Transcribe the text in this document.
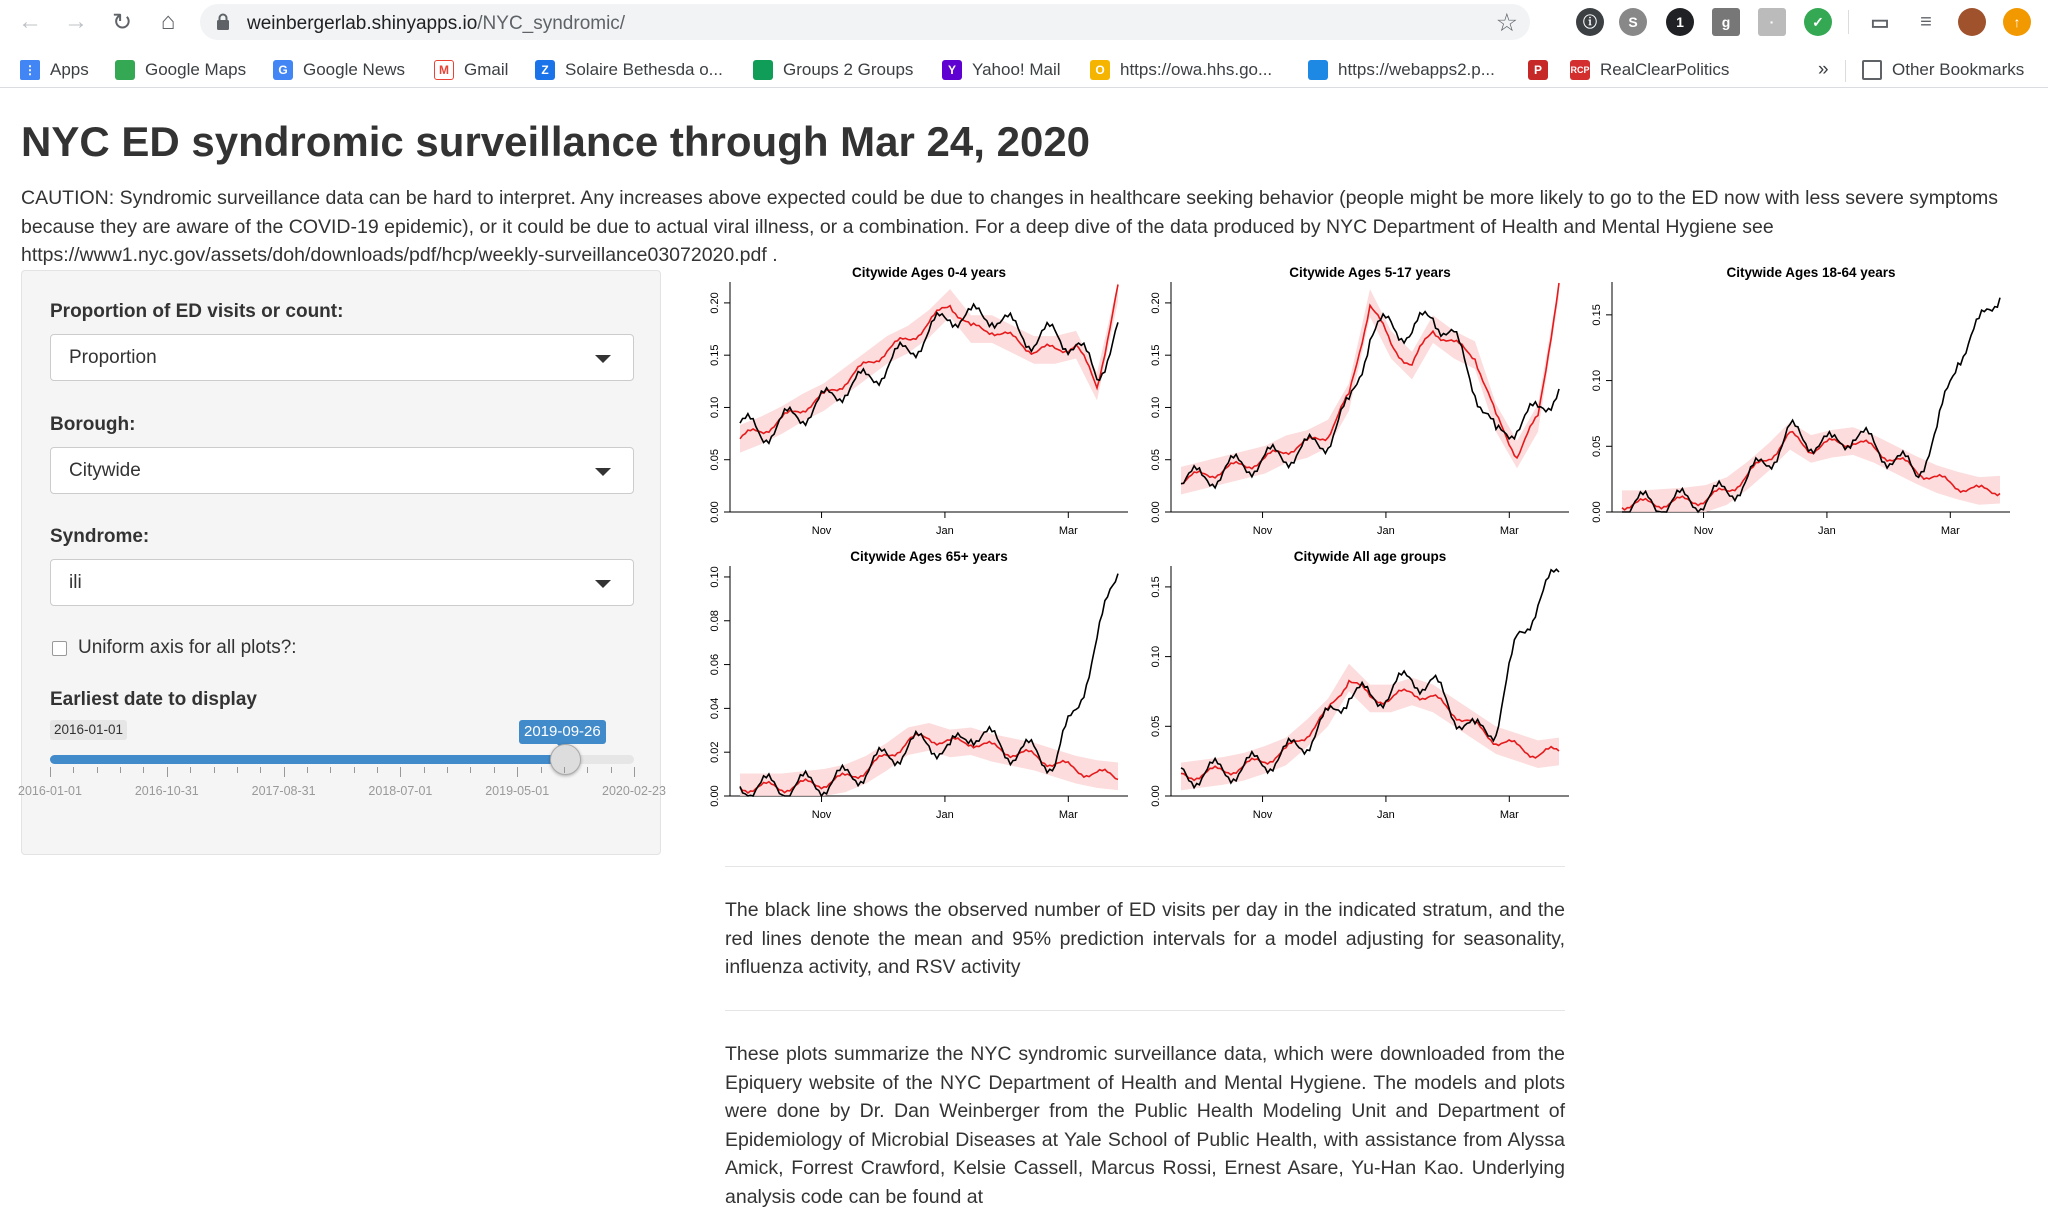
← → ↻	⌂	weinbergerlab.shinyapps.io/NYC_syndromic/	☆	ⓘ	S	1	g	·	✓	▭	≡	↑
⋮ Apps	Google Maps	G Google News	M Gmail	Z Solaire Bethesda o...	Groups 2 Groups	Y Yahoo! Mail	O https://owa.hhs.go...	https://webapps2.p...	P	RCP RealClearPolitics	»	Other Bookmarks
NYC ED syndromic surveillance through Mar 24, 2020

CAUTION: Syndromic surveillance data can be hard to interpret. Any increases above expected could be due to changes in healthcare seeking behavior (people might be more likely to go to the ED now with less severe symptoms because they are aware of the COVID-19 epidemic), or it could be due to actual viral illness, or a combination. For a deep dive of the data produced by NYC Department of Health and Mental Hygiene see https://www1.nyc.gov/assets/doh/downloads/pdf/hcp/weekly-surveillance03072020.pdf .

Proportion of ED visits or count:
Proportion
Borough:
Citywide
Syndrome:
ili
Uniform axis for all plots?:
Earliest date to display
2016-01-01	2019-09-26
2016-01-01	2016-10-31	2017-08-31	2018-07-01	2019-05-01	2020-02-23
Citywide Ages 0-4 years
0.00
0.05
0.10
0.15
0.20
Nov	Jan	Mar
Citywide Ages 5-17 years
0.00
0.05
0.10
0.15
0.20
Nov	Jan	Mar
Citywide Ages 18-64 years
0.00
0.05
0.10
0.15
Nov	Jan	Mar
Citywide Ages 65+ years
0.00
0.02
0.04
0.06
0.08
0.10
Nov	Jan	Mar
Citywide All age groups
0.00
0.05
0.10
0.15
Nov	Jan	Mar

The black line shows the observed number of ED visits per day in the indicated stratum, and the red lines denote the mean and 95% prediction intervals for a model adjusting for seasonality, influenza activity, and RSV activity

These plots summarize the NYC syndromic surveillance data, which were downloaded from the Epiquery website of the NYC Department of Health and Mental Hygiene. The models and plots were done by Dr. Dan Weinberger from the Public Health Modeling Unit and Department of Epidemiology of Microbial Diseases at Yale School of Public Health, with assistance from Alyssa Amick, Forrest Crawford, Kelsie Cassell, Marcus Rossi, Ernest Asare, Yu-Han Kao. Underlying analysis code can be found at
